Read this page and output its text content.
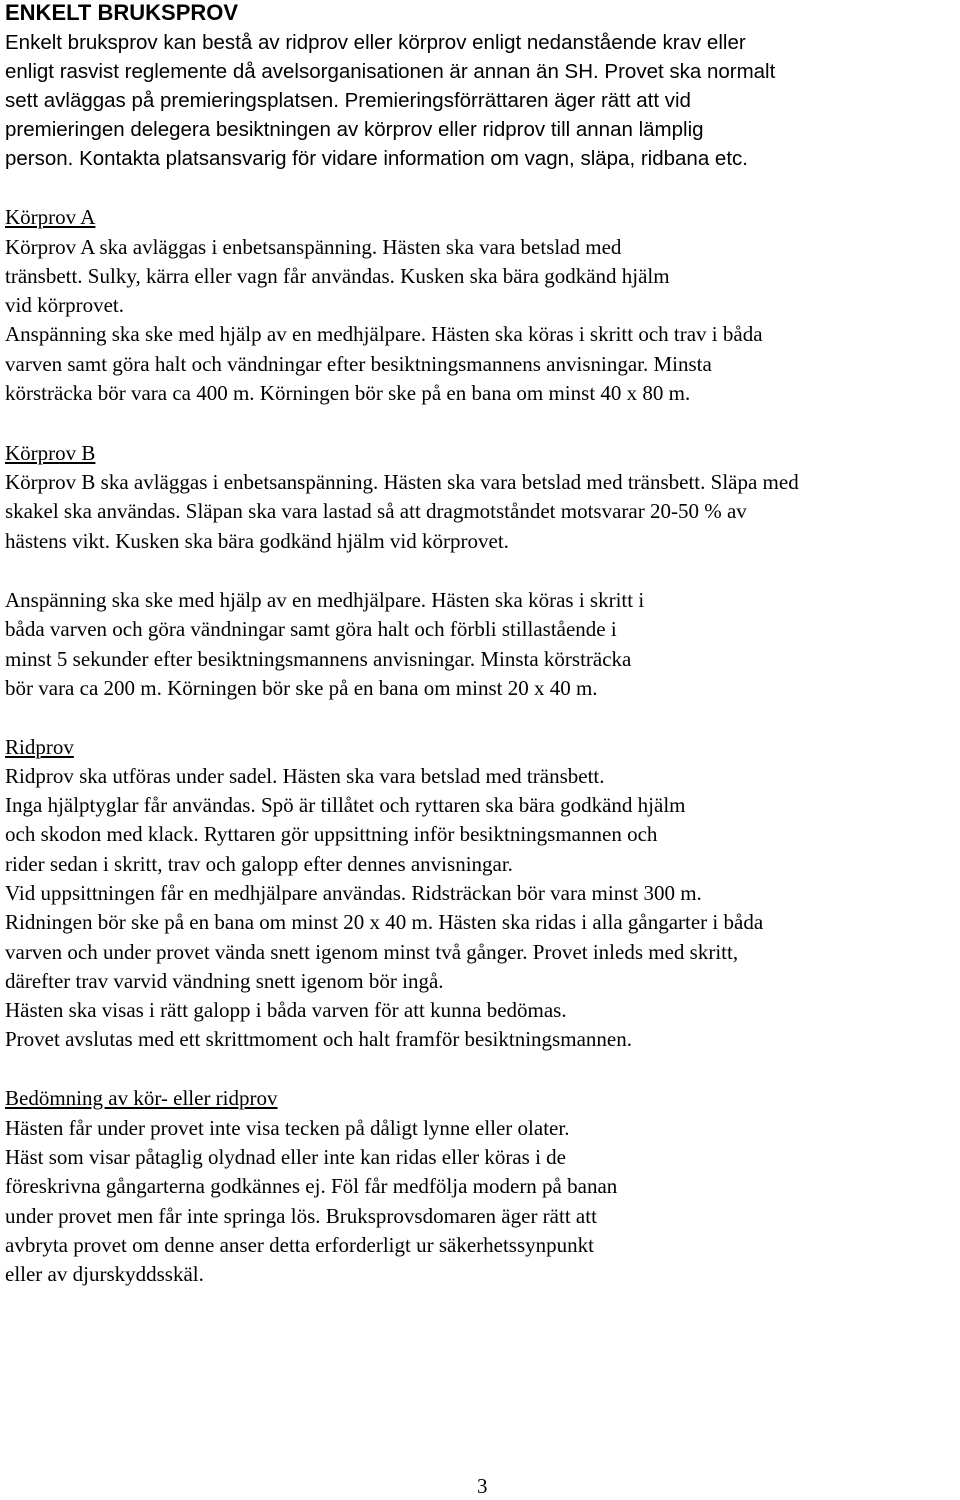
ENKELT BRUKSPROV

Enkelt bruksprov kan bestå av ridprov eller körprov enligt nedanstående krav eller

enligt rasvist reglemente då avelsorganisationen är annan än SH. Provet ska normalt

sett avläggas på premieringsplatsen. Premieringsförrättaren äger rätt att vid

premieringen delegera besiktningen av körprov eller ridprov till annan lämplig

person. Kontakta platsansvarig för vidare information om vagn, släpa, ridbana etc.

Körprov A

Körprov A ska avläggas i enbetsanspänning. Hästen ska vara betslad med

tränsbett. Sulky, kärra eller vagn får användas. Kusken ska bära godkänd hjälm

vid körprovet.

Anspänning ska ske med hjälp av en medhjälpare. Hästen ska köras i skritt och trav i båda

varven samt göra halt och vändningar efter besiktningsmannens anvisningar. Minsta

körsträcka bör vara ca 400 m. Körningen bör ske på en bana om minst 40 x 80 m.

Körprov B

Körprov B ska avläggas i enbetsanspänning. Hästen ska vara betslad med tränsbett. Släpa med

skakel ska användas. Släpan ska vara lastad så att dragmotståndet motsvarar 20-50 % av

hästens vikt. Kusken ska bära godkänd hjälm vid körprovet.

Anspänning ska ske med hjälp av en medhjälpare. Hästen ska köras i skritt i

båda varven och göra vändningar samt göra halt och förbli stillastående i

minst 5 sekunder efter besiktningsmannens anvisningar. Minsta körsträcka

bör vara ca 200 m. Körningen bör ske på en bana om minst 20 x 40 m.

Ridprov

Ridprov ska utföras under sadel. Hästen ska vara betslad med tränsbett.

Inga hjälptyglar får användas. Spö är tillåtet och ryttaren ska bära godkänd hjälm

och skodon med klack. Ryttaren gör uppsittning inför besiktningsmannen och

rider sedan i skritt, trav och galopp efter dennes anvisningar.

Vid uppsittningen får en medhjälpare användas. Ridsträckan bör vara minst 300 m.

Ridningen bör ske på en bana om minst 20 x 40 m. Hästen ska ridas i alla gångarter i båda

varven och under provet vända snett igenom minst två gånger. Provet inleds med skritt,

därefter trav varvid vändning snett igenom bör ingå.

Hästen ska visas i rätt galopp i båda varven för att kunna bedömas.

Provet avslutas med ett skrittmoment och halt framför besiktningsmannen.

Bedömning av kör- eller ridprov

Hästen får under provet inte visa tecken på dåligt lynne eller olater.

Häst som visar påtaglig olydnad eller inte kan ridas eller köras i de

föreskrivna gångarterna godkännes ej. Föl får medfölja modern på banan

under provet men får inte springa lös. Bruksprovsdomaren äger rätt att

avbryta provet om denne anser detta erforderligt ur säkerhetssynpunkt

eller av djurskyddsskäl.

3
